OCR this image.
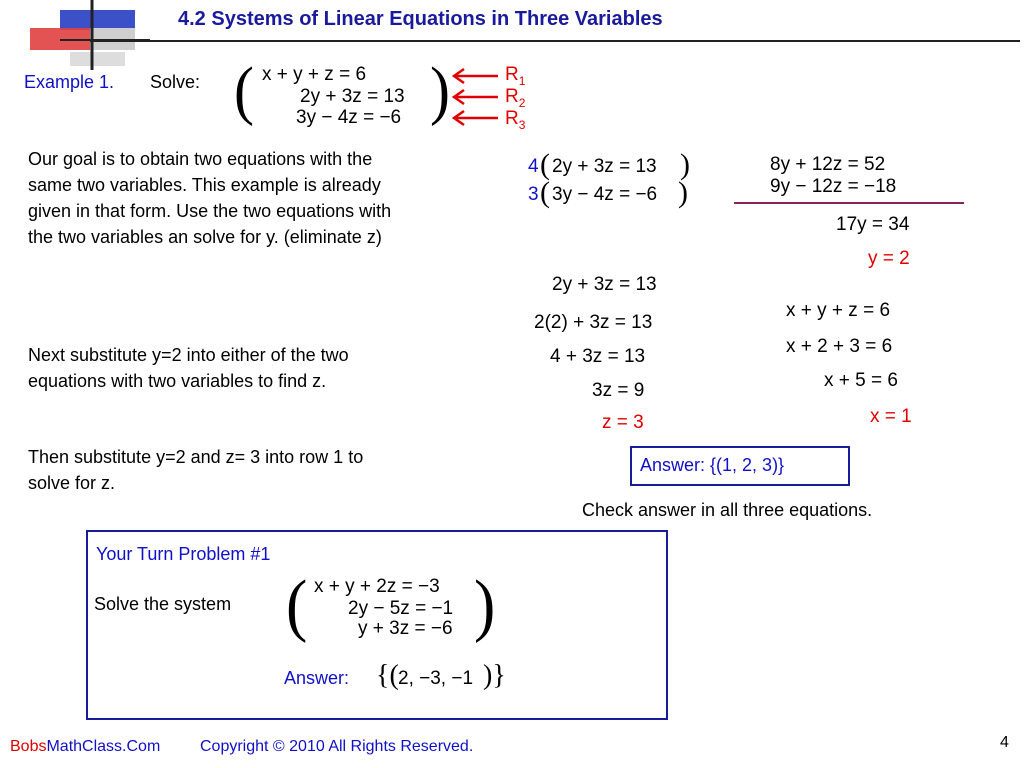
4.2 Systems of Linear Equations in Three Variables
Example 1. Solve: (	)
x + y + z = 6
2y + 3z = 13
3y − 4z = −6
$R_1$
$R_2$
$R_3$
Our goal is to obtain two equations with the same two variables. This example is already given in that form. Use the two equations with the two variables an solve for y. (eliminate z)
Next substitute y=2 into either of the two equations with two variables to find z.
Then substitute y=2 and z= 3 into row 1 to solve for z.
4 ( 2y + 3z = 13 )
3 ( 3y − 4z = −6 )
8y + 12z = 52
9y − 12z = −18
17y = 34
y = 2
2y + 3z = 13
2(2) + 3z = 13
4 + 3z = 13
3z = 9
z = 3
x + y + z = 6
x + 2 + 3 = 6
x + 5 = 6
x = 1
Answer: {(1, 2, 3)}
Check answer in all three equations.
Your Turn Problem #1
Solve the system (	)
x + y + 2z = −3
2y − 5z = −1
y + 3z = −6
Answer: {( 2, −3, −1 )}
BobsMathClass.Com Copyright © 2010 All Rights Reserved.	4
